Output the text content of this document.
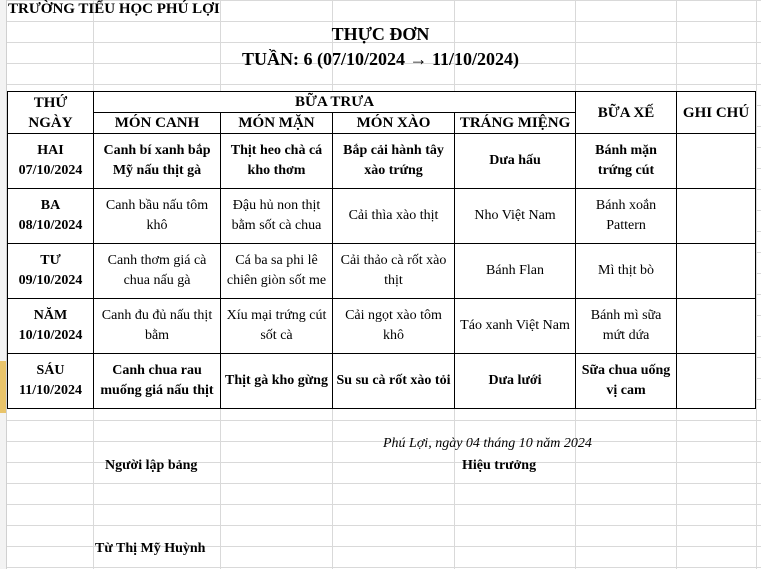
TRƯỜNG TIỂU HỌC PHÚ LỢI
THỰC ĐƠN
TUẦN: 6 (07/10/2024 → 11/10/2024)
THỨ
NGÀY	BỮA TRƯA				BỮA XẾ	GHI CHÚ
	MÓN CANH	MÓN MẶN	MÓN XÀO	TRÁNG MIỆNG		

HAI
07/10/2024	Canh bí xanh bắp Mỹ nấu thịt gà	Thịt heo chà cá kho thơm	Bắp cải hành tây xào trứng	Dưa hấu	Bánh mặn trứng cút	

BA
08/10/2024	Canh bầu nấu tôm khô	Đậu hủ non thịt bằm sốt cà chua	Cải thìa xào thịt	Nho Việt Nam	Bánh xoắn Pattern	

TƯ
09/10/2024	Canh thơm giá cà chua nấu gà	Cá ba sa phi lê chiên giòn sốt me	Cải thảo cà rốt xào thịt	Bánh Flan	Mì thịt bò	

NĂM
10/10/2024	Canh đu đủ nấu thịt bằm	Xíu mại trứng cút sốt cà	Cải ngọt xào tôm khô	Táo xanh Việt Nam	Bánh mì sữa mứt dứa	

SÁU
11/10/2024	Canh chua rau muống giá nấu thịt	Thịt gà kho gừng	Su su cà rốt xào tỏi	Dưa lưới	Sữa chua uống vị cam	
Phú Lợi, ngày 04 tháng 10 năm 2024
Người lập bảng	Hiệu trưởng
Từ Thị Mỹ Huỳnh
